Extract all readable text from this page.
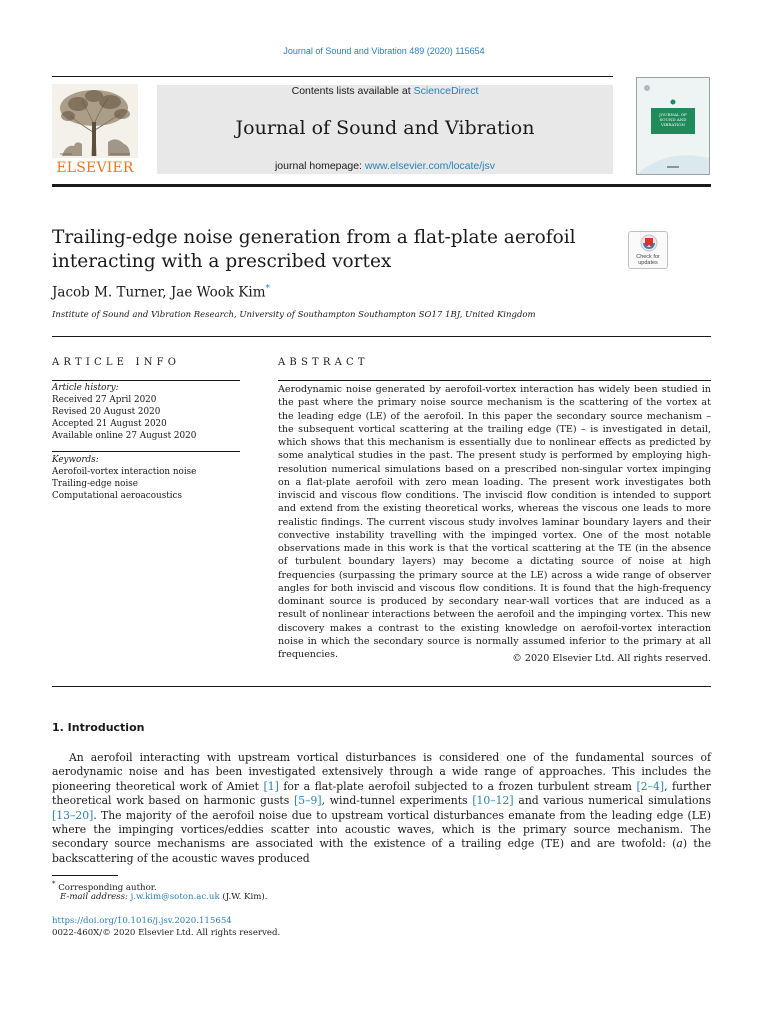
Journal of Sound and Vibration 489 (2020) 115654
ELSEVIER
Contents lists available at ScienceDirect
Journal of Sound and Vibration
journal homepage: www.elsevier.com/locate/jsv
JOURNAL OF SOUND AND VIBRATION
Trailing-edge noise generation from a flat-plate aerofoil interacting with a prescribed vortex	Check for updates
Jacob M. Turner, Jae Wook Kim*
Institute of Sound and Vibration Research, University of Southampton Southampton SO17 1BJ, United Kingdom
ARTICLE INFO	ABSTRACT
Article history:
Received 27 April 2020
Revised 20 August 2020
Accepted 21 August 2020
Available online 27 August 2020
Keywords:
Aerofoil-vortex interaction noise
Trailing-edge noise
Computational aeroacoustics
Aerodynamic noise generated by aerofoil-vortex interaction has widely been studied in the past where the primary noise source mechanism is the scattering of the vortex at the leading edge (LE) of the aerofoil. In this paper the secondary source mechanism – the subsequent vortical scattering at the trailing edge (TE) – is investigated in detail, which shows that this mechanism is essentially due to nonlinear effects as predicted by some analytical studies in the past. The present study is performed by employing high-resolution numerical simulations based on a prescribed non-singular vortex impinging on a flat-plate aerofoil with zero mean loading. The present work investigates both inviscid and viscous flow conditions. The inviscid flow condition is intended to support and extend from the existing theoretical works, whereas the viscous one leads to more realistic findings. The current viscous study involves laminar boundary layers and their convective instability travelling with the impinged vortex. One of the most notable observations made in this work is that the vortical scattering at the TE (in the absence of turbulent boundary layers) may become a dictating source of noise at high frequencies (surpassing the primary source at the LE) across a wide range of observer angles for both inviscid and viscous flow conditions. It is found that the high-frequency dominant source is produced by secondary near-wall vortices that are induced as a result of nonlinear interactions between the aerofoil and the impinging vortex. This new discovery makes a contrast to the existing knowledge on aerofoil-vortex interaction noise in which the secondary source is normally assumed inferior to the primary at all frequencies.	© 2020 Elsevier Ltd. All rights reserved.
1. Introduction
An aerofoil interacting with upstream vortical disturbances is considered one of the fundamental sources of aerodynamic noise and has been investigated extensively through a wide range of approaches. This includes the pioneering theoretical work of Amiet [1] for a flat-plate aerofoil subjected to a frozen turbulent stream [2–4], further theoretical work based on harmonic gusts [5–9], wind-tunnel experiments [10–12] and various numerical simulations [13–20]. The majority of the aerofoil noise due to upstream vortical disturbances emanate from the leading edge (LE) where the impinging vortices/eddies scatter into acoustic waves, which is the primary source mechanism. The secondary source mechanisms are associated with the existence of a trailing edge (TE) and are twofold: (a) the backscattering of the acoustic waves produced
* Corresponding author.
E-mail address: j.w.kim@soton.ac.uk (J.W. Kim).
https://doi.org/10.1016/j.jsv.2020.115654
0022-460X/© 2020 Elsevier Ltd. All rights reserved.
